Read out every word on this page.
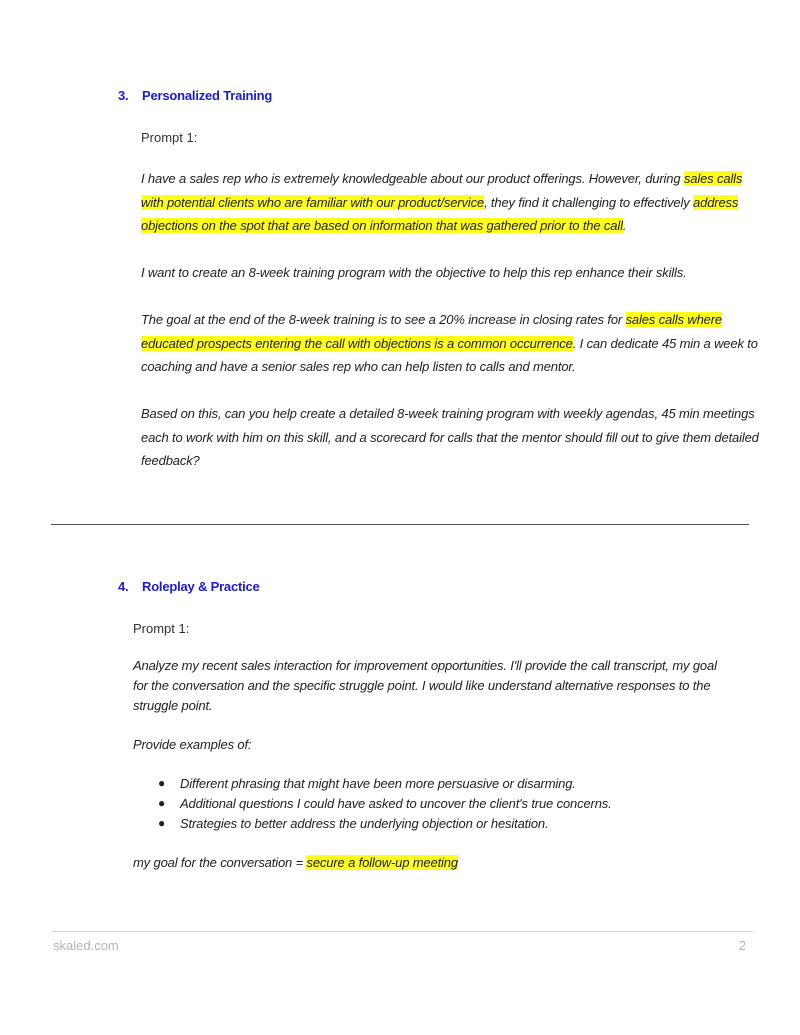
3. Personalized Training
Prompt 1:

I have a sales rep who is extremely knowledgeable about our product offerings. However, during sales calls with potential clients who are familiar with our product/service, they find it challenging to effectively address objections on the spot that are based on information that was gathered prior to the call.

I want to create an 8-week training program with the objective to help this rep enhance their skills.

The goal at the end of the 8-week training is to see a 20% increase in closing rates for sales calls where educated prospects entering the call with objections is a common occurrence. I can dedicate 45 min a week to coaching and have a senior sales rep who can help listen to calls and mentor.

Based on this, can you help create a detailed 8-week training program with weekly agendas, 45 min meetings each to work with him on this skill, and a scorecard for calls that the mentor should fill out to give them detailed feedback?

4. Roleplay & Practice
Prompt 1:

Analyze my recent sales interaction for improvement opportunities. I'll provide the call transcript, my goal for the conversation and the specific struggle point. I would like understand alternative responses to the struggle point.

Provide examples of:

● Different phrasing that might have been more persuasive or disarming.
● Additional questions I could have asked to uncover the client's true concerns.
● Strategies to better address the underlying objection or hesitation.

my goal for the conversation = secure a follow-up meeting

skaled.com	2
